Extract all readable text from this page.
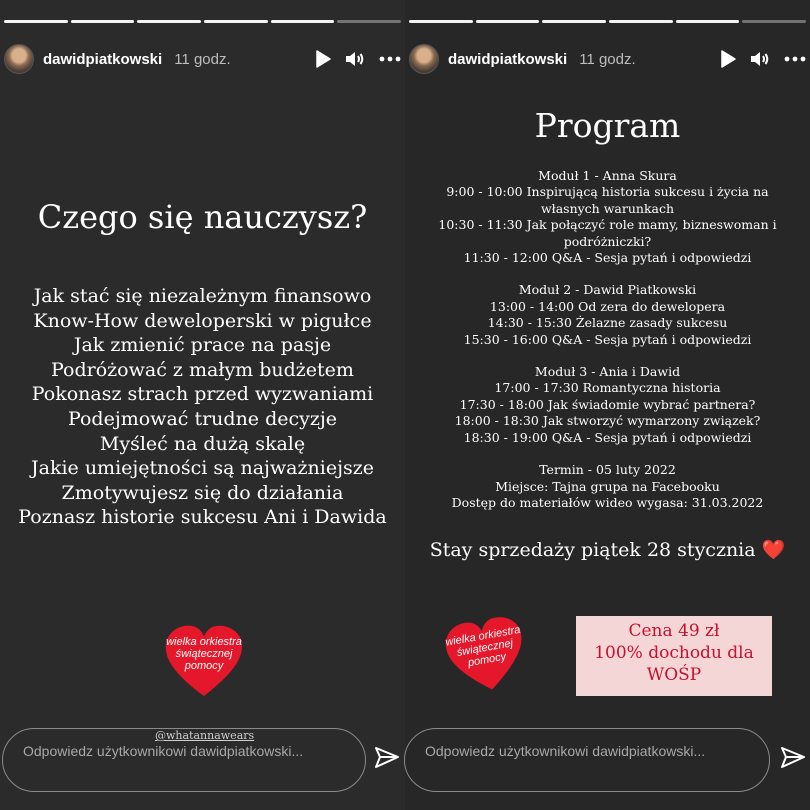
dawidpiatkowski 11 godz.
Czego się nauczysz?
Jak stać się niezależnym finansowo
Know-How deweloperski w pigułce
Jak zmienić prace na pasje
Podróżować z małym budżetem
Pokonasz strach przed wyzwaniami
Podejmować trudne decyzje
Myśleć na dużą skalę
Jakie umiejętności są najważniejsze
Zmotywujesz się do działania
Poznasz historie sukcesu Ani i Dawida
wielka orkiestra świątecznej pomocy
@whatannawears
Odpowiedz użytkownikowi dawidpiatkowski...
dawidpiatkowski 11 godz.
Program
Moduł 1 - Anna Skura
9:00 - 10:00 Inspirującą historia sukcesu i życia na własnych warunkach
10:30 - 11:30 Jak połączyć role mamy, bizneswoman i podróżniczki?
11:30 - 12:00 Q&A - Sesja pytań i odpowiedzi
Moduł 2 - Dawid Piatkowski
13:00 - 14:00 Od zera do dewelopera
14:30 - 15:30 Żelazne zasady sukcesu
15:30 - 16:00 Q&A - Sesja pytań i odpowiedzi
Moduł 3 - Ania i Dawid
17:00 - 17:30 Romantyczna historia
17:30 - 18:00 Jak świadomie wybrać partnera?
18:00 - 18:30 Jak stworzyć wymarzony związek?
18:30 - 19:00 Q&A - Sesja pytań i odpowiedzi
Termin - 05 luty 2022
Miejsce: Tajna grupa na Facebooku
Dostęp do materiałów wideo wygasa: 31.03.2022
Stay sprzedaży piątek 28 stycznia ❤️
wielka orkiestra świątecznej pomocy
Cena 49 zł
100% dochodu dla
WOŚP
Odpowiedz użytkownikowi dawidpiatkowski...
